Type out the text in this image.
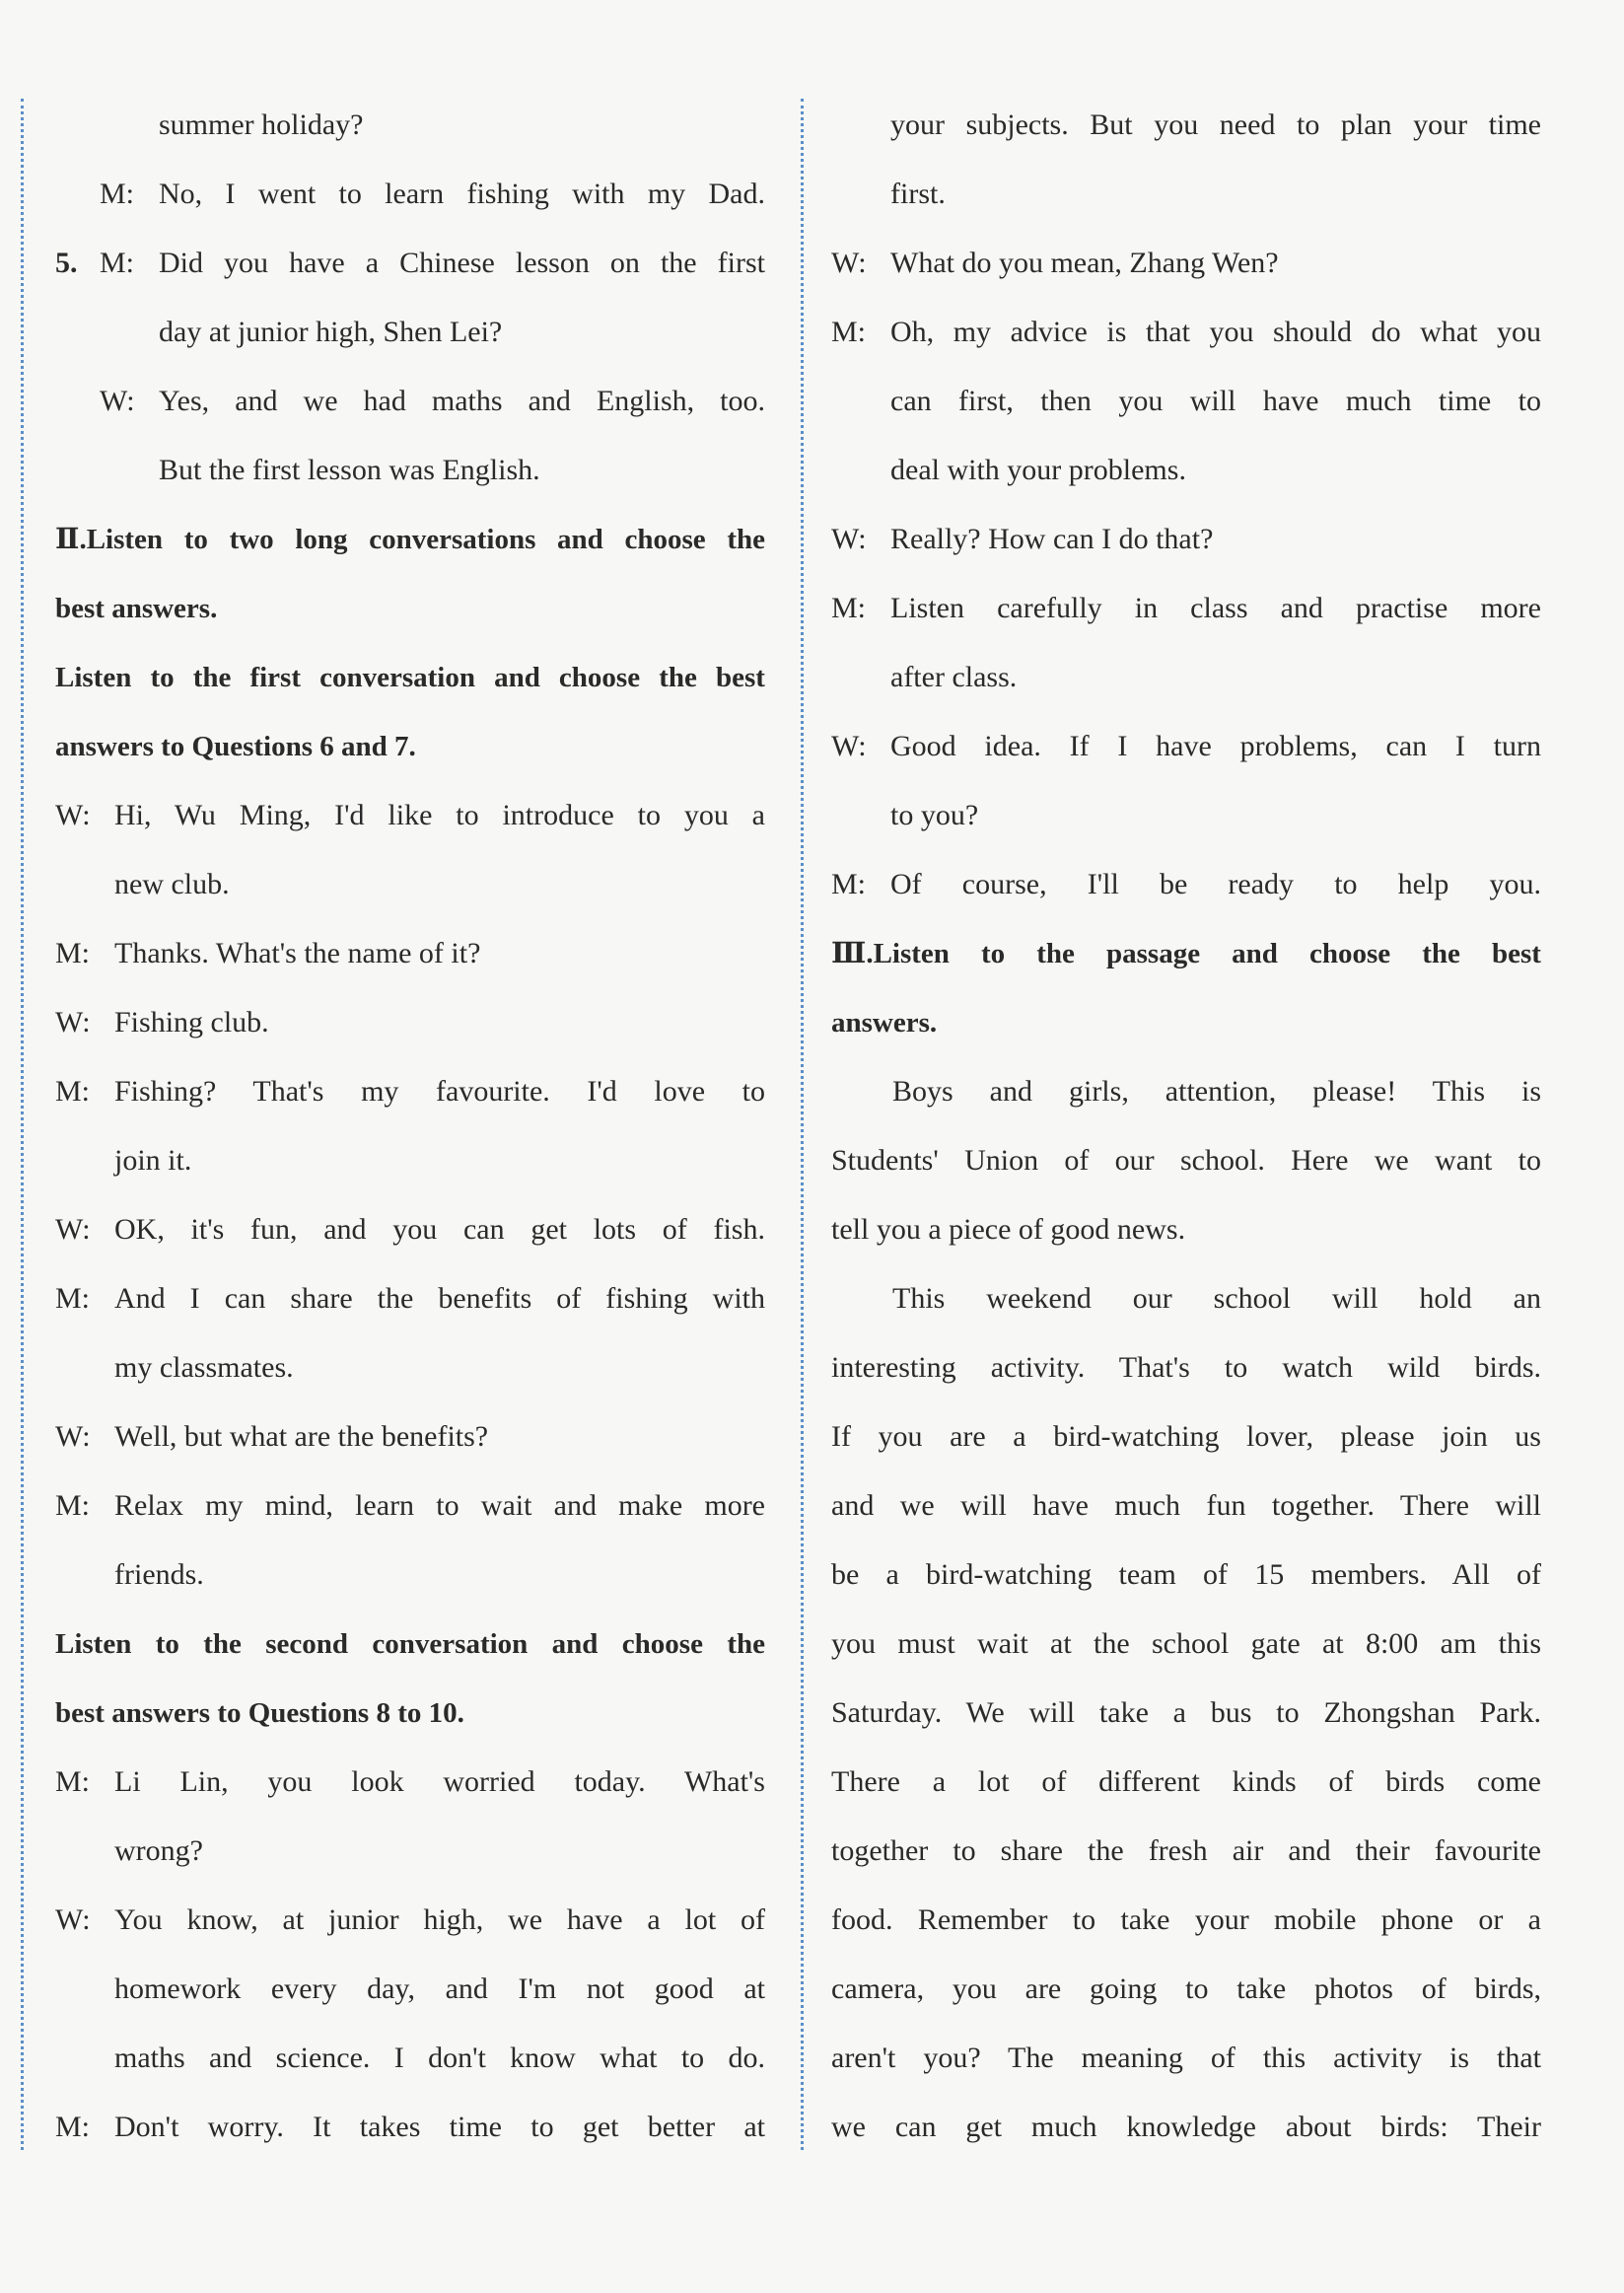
summer holiday?
M: No, I went to learn fishing with my Dad.
5. M: Did you have a Chinese lesson on the first
day at junior high, Shen Lei?
W: Yes, and we had maths and English, too.
But the first lesson was English.
Ⅱ.Listen to two long conversations and choose the
best answers.
Listen to the first conversation and choose the best
answers to Questions 6 and 7.
W: Hi, Wu Ming, I'd like to introduce to you a
new club.
M: Thanks. What's the name of it?
W: Fishing club.
M: Fishing? That's my favourite. I'd love to
join it.
W: OK, it's fun, and you can get lots of fish.
M: And I can share the benefits of fishing with
my classmates.
W: Well, but what are the benefits?
M: Relax my mind, learn to wait and make more
friends.
Listen to the second conversation and choose the
best answers to Questions 8 to 10.
M: Li Lin, you look worried today. What's
wrong?
W: You know, at junior high, we have a lot of
homework every day, and I'm not good at
maths and science. I don't know what to do.
M: Don't worry. It takes time to get better at
your subjects. But you need to plan your time
first.
W: What do you mean, Zhang Wen?
M: Oh, my advice is that you should do what you
can first, then you will have much time to
deal with your problems.
W: Really? How can I do that?
M: Listen carefully in class and practise more
after class.
W: Good idea. If I have problems, can I turn
to you?
M: Of course, I'll be ready to help you.
Ⅲ.Listen to the passage and choose the best
answers.
Boys and girls, attention, please! This is
Students' Union of our school. Here we want to
tell you a piece of good news.
This weekend our school will hold an
interesting activity. That's to watch wild birds.
If you are a bird-watching lover, please join us
and we will have much fun together. There will
be a bird-watching team of 15 members. All of
you must wait at the school gate at 8:00 am this
Saturday. We will take a bus to Zhongshan Park.
There a lot of different kinds of birds come
together to share the fresh air and their favourite
food. Remember to take your mobile phone or a
camera, you are going to take photos of birds,
aren't you? The meaning of this activity is that
we can get much knowledge about birds: Their
